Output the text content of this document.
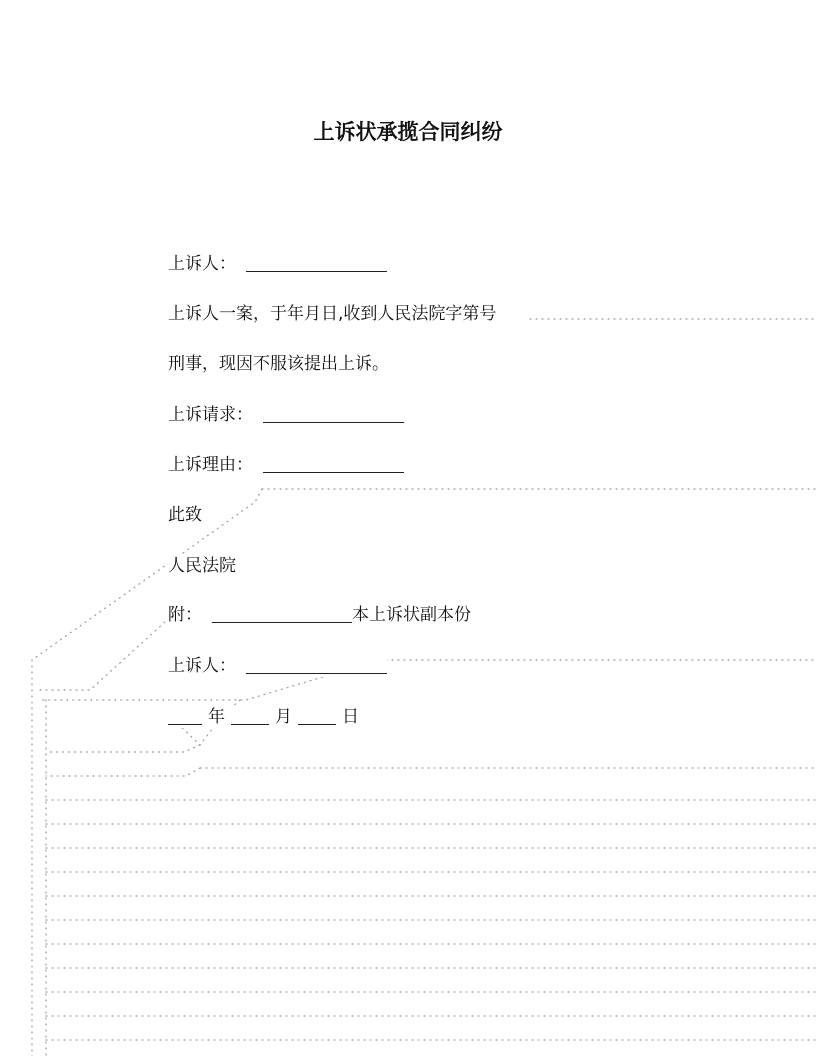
上诉状承揽合同纠纷
上诉人：
上诉人一案，于年月日,收到人民法院字第号
刑事，现因不服该提出上诉。
上诉请求：
上诉理由：
此致
人民法院
附：	本上诉状副本份
上诉人：
年	月	日
